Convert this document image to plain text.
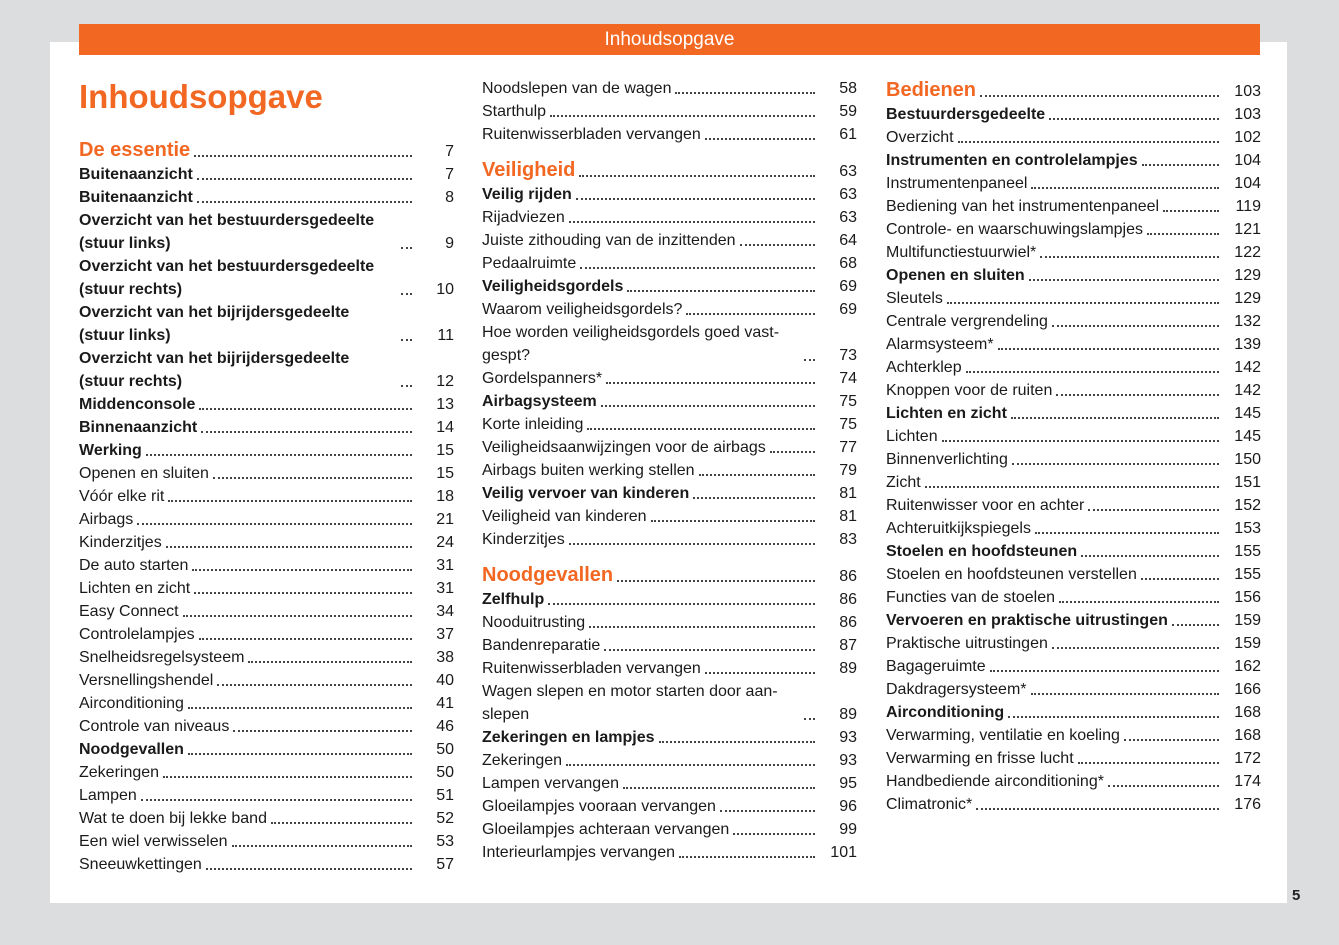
Inhoudsopgave
Inhoudsopgave
De essentie	7
Buitenaanzicht	7
Buitenaanzicht	8
Overzicht van het bestuurdersgedeelte (stuur links)	9
Overzicht van het bestuurdersgedeelte (stuur rechts)	10
Overzicht van het bijrijdersgedeelte (stuur links)	11
Overzicht van het bijrijdersgedeelte (stuur rechts)	12
Middenconsole	13
Binnenaanzicht	14
Werking	15
Openen en sluiten	15
Vóór elke rit	18
Airbags	21
Kinderzitjes	24
De auto starten	31
Lichten en zicht	31
Easy Connect	34
Controlelampjes	37
Snelheidsregelsysteem	38
Versnellingshendel	40
Airconditioning	41
Controle van niveaus	46
Noodgevallen	50
Zekeringen	50
Lampen	51
Wat te doen bij lekke band	52
Een wiel verwisselen	53
Sneeuwkettingen	57
Noodslepen van de wagen	58
Starthulp	59
Ruitenwisserbladen vervangen	61
Veiligheid	63
Veilig rijden	63
Rijadviezen	63
Juiste zithouding van de inzittenden	64
Pedaalruimte	68
Veiligheidsgordels	69
Waarom veiligheidsgordels?	69
Hoe worden veiligheidsgordels goed vast-gespt?	73
Gordelspanners*	74
Airbagsysteem	75
Korte inleiding	75
Veiligheidsaanwijzingen voor de airbags	77
Airbags buiten werking stellen	79
Veilig vervoer van kinderen	81
Veiligheid van kinderen	81
Kinderzitjes	83
Noodgevallen	86
Zelfhulp	86
Nooduitrusting	86
Bandenreparatie	87
Ruitenwisserbladen vervangen	89
Wagen slepen en motor starten door aan-slepen	89
Zekeringen en lampjes	93
Zekeringen	93
Lampen vervangen	95
Gloeilampjes vooraan vervangen	96
Gloeilampjes achteraan vervangen	99
Interieurlampjes vervangen	101
Bedienen	103
Bestuurdersgedeelte	103
Overzicht	102
Instrumenten en controlelampjes	104
Instrumentenpaneel	104
Bediening van het instrumentenpaneel	119
Controle- en waarschuwingslampjes	121
Multifunctiestuurwiel*	122
Openen en sluiten	129
Sleutels	129
Centrale vergrendeling	132
Alarmsysteem*	139
Achterklep	142
Knoppen voor de ruiten	142
Lichten en zicht	145
Lichten	145
Binnenverlichting	150
Zicht	151
Ruitenwisser voor en achter	152
Achteruitkijkspiegels	153
Stoelen en hoofdsteunen	155
Stoelen en hoofdsteunen verstellen	155
Functies van de stoelen	156
Vervoeren en praktische uitrustingen	159
Praktische uitrustingen	159
Bagageruimte	162
Dakdragersysteem*	166
Airconditioning	168
Verwarming, ventilatie en koeling	168
Verwarming en frisse lucht	172
Handbediende airconditioning*	174
Climatronic*	176
5
